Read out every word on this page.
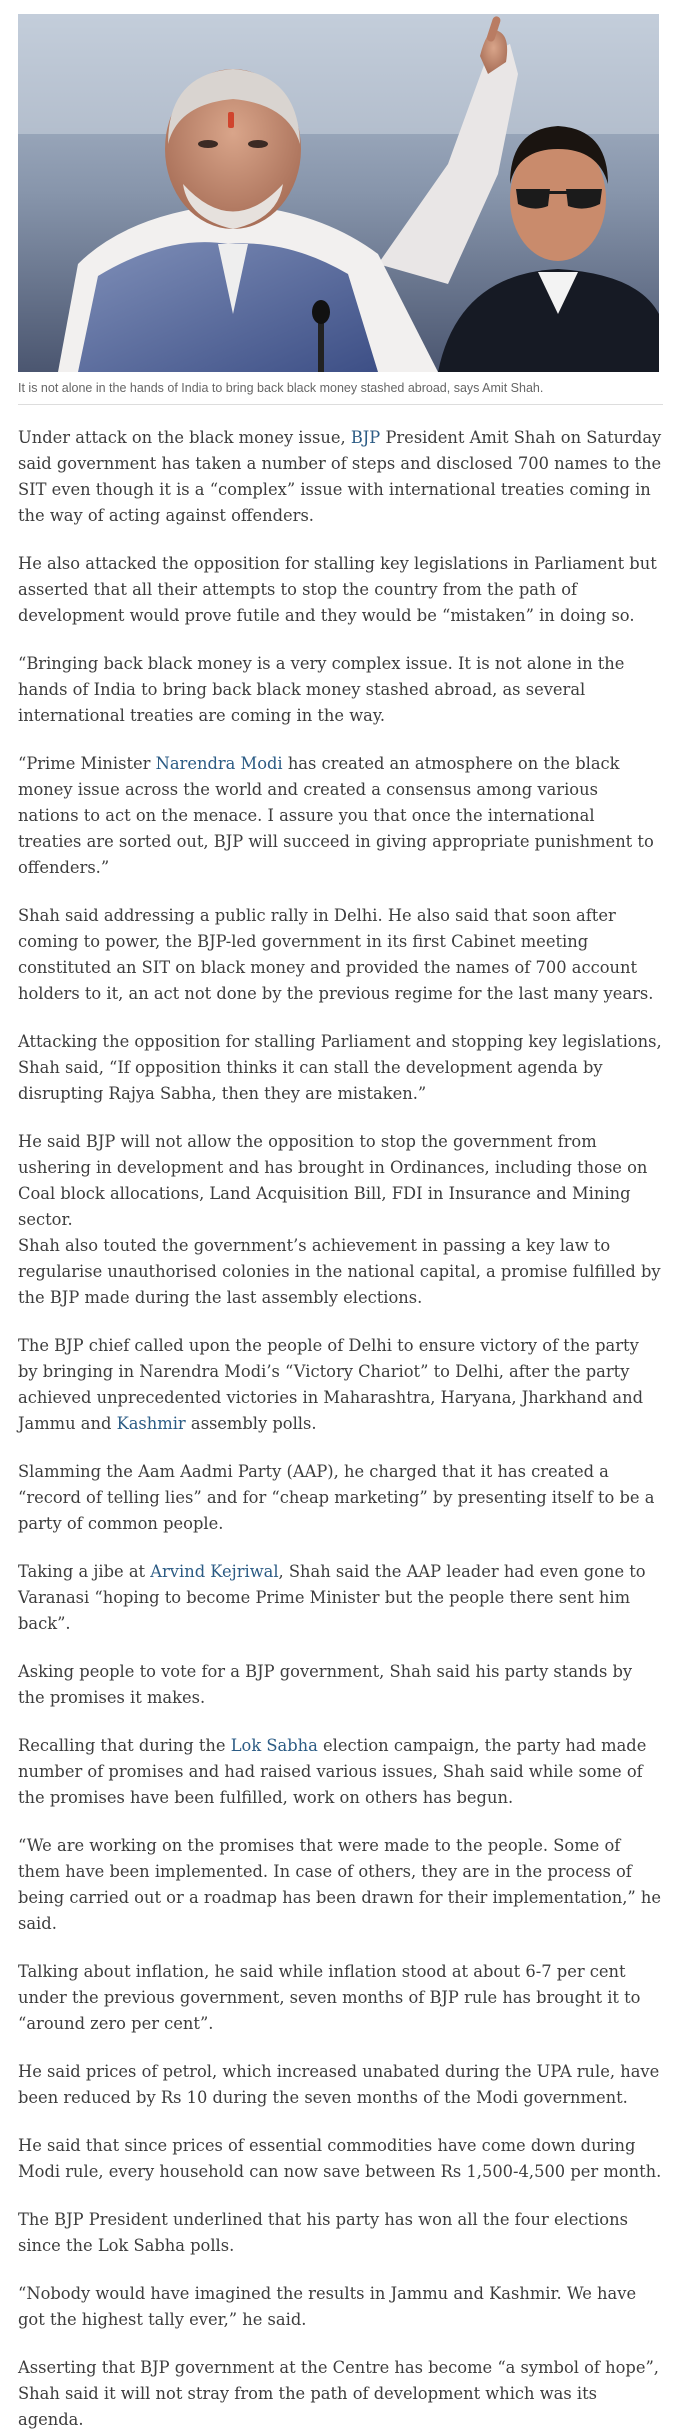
It is not alone in the hands of India to bring back black money stashed abroad, says Amit Shah.

Under attack on the black money issue, BJP President Amit Shah on Saturday said government has taken a number of steps and disclosed 700 names to the SIT even though it is a “complex” issue with international treaties coming in the way of acting against offenders.

He also attacked the opposition for stalling key legislations in Parliament but asserted that all their attempts to stop the country from the path of development would prove futile and they would be “mistaken” in doing so.

“Bringing back black money is a very complex issue. It is not alone in the hands of India to bring back black money stashed abroad, as several international treaties are coming in the way.

“Prime Minister Narendra Modi has created an atmosphere on the black money issue across the world and created a consensus among various nations to act on the menace. I assure you that once the international treaties are sorted out, BJP will succeed in giving appropriate punishment to offenders.”

Shah said addressing a public rally in Delhi. He also said that soon after coming to power, the BJP-led government in its first Cabinet meeting constituted an SIT on black money and provided the names of 700 account holders to it, an act not done by the previous regime for the last many years.

Attacking the opposition for stalling Parliament and stopping key legislations, Shah said, “If opposition thinks it can stall the development agenda by disrupting Rajya Sabha, then they are mistaken.”

He said BJP will not allow the opposition to stop the government from ushering in development and has brought in Ordinances, including those on Coal block allocations, Land Acquisition Bill, FDI in Insurance and Mining sector.

Shah also touted the government’s achievement in passing a key law to regularise unauthorised colonies in the national capital, a promise fulfilled by the BJP made during the last assembly elections.

The BJP chief called upon the people of Delhi to ensure victory of the party by bringing in Narendra Modi’s “Victory Chariot” to Delhi, after the party achieved unprecedented victories in Maharashtra, Haryana, Jharkhand and Jammu and Kashmir assembly polls.

Slamming the Aam Aadmi Party (AAP), he charged that it has created a “record of telling lies” and for “cheap marketing” by presenting itself to be a party of common people.

Taking a jibe at Arvind Kejriwal, Shah said the AAP leader had even gone to Varanasi “hoping to become Prime Minister but the people there sent him back”.

Asking people to vote for a BJP government, Shah said his party stands by the promises it makes.

Recalling that during the Lok Sabha election campaign, the party had made number of promises and had raised various issues, Shah said while some of the promises have been fulfilled, work on others has begun.

“We are working on the promises that were made to the people. Some of them have been implemented. In case of others, they are in the process of being carried out or a roadmap has been drawn for their implementation,” he said.

Talking about inflation, he said while inflation stood at about 6-7 per cent under the previous government, seven months of BJP rule has brought it to “around zero per cent”.

He said prices of petrol, which increased unabated during the UPA rule, have been reduced by Rs 10 during the seven months of the Modi government.

He said that since prices of essential commodities have come down during Modi rule, every household can now save between Rs 1,500-4,500 per month.

The BJP President underlined that his party has won all the four elections since the Lok Sabha polls.

“Nobody would have imagined the results in Jammu and Kashmir. We have got the highest tally ever,” he said.

Asserting that BJP government at the Centre has become “a symbol of hope”, Shah said it will not stray from the path of development which was its agenda.
